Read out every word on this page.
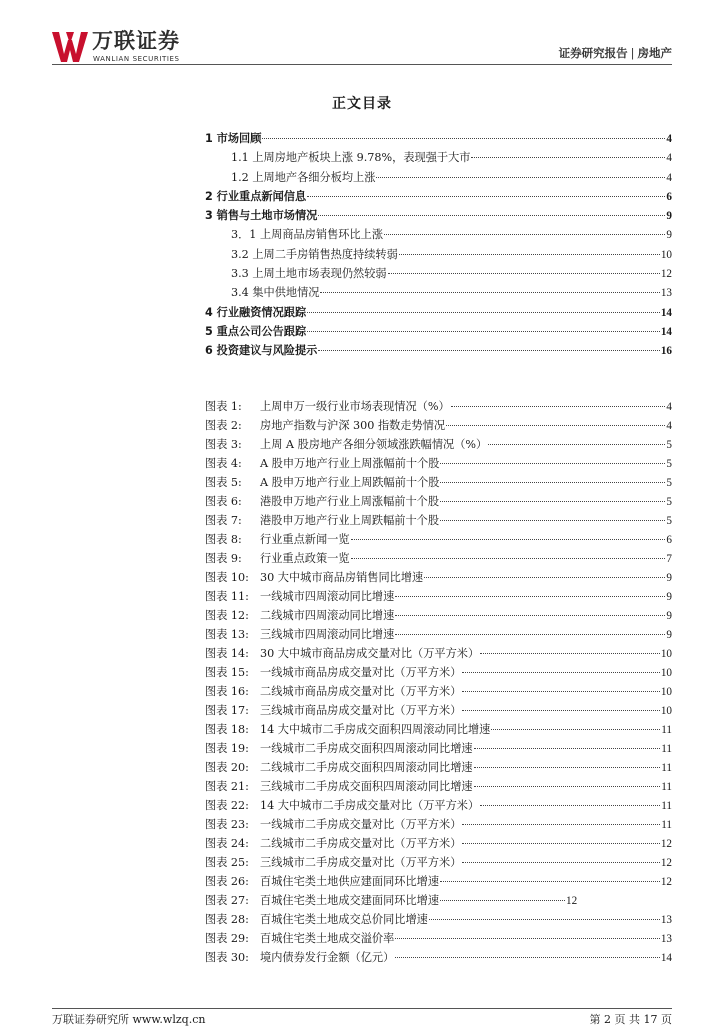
万联证券
WANLIAN SECURITIES	证券研究报告 | 房地产
正文目录
1 市场回顾	4
1.1 上周房地产板块上涨 9.78%，表现强于大市	4
1.2 上周地产各细分板均上涨	4
2 行业重点新闻信息	6
3 销售与土地市场情况	9
3．1 上周商品房销售环比上涨	9
3.2 上周二手房销售热度持续转弱	10
3.3 上周土地市场表现仍然较弱	12
3.4 集中供地情况	13
4 行业融资情况跟踪	14
5 重点公司公告跟踪	14
6 投资建议与风险提示	16
图表 1:	上周申万一级行业市场表现情况（%）	4
图表 2:	房地产指数与沪深 300 指数走势情况	4
图表 3:	上周 A 股房地产各细分领域涨跌幅情况（%）	5
图表 4:	A 股申万地产行业上周涨幅前十个股	5
图表 5:	A 股申万地产行业上周跌幅前十个股	5
图表 6:	港股申万地产行业上周涨幅前十个股	5
图表 7:	港股申万地产行业上周跌幅前十个股	5
图表 8:	行业重点新闻一览	6
图表 9:	行业重点政策一览	7
图表 10: 30 大中城市商品房销售同比增速	9
图表 11: 一线城市四周滚动同比增速	9
图表 12: 二线城市四周滚动同比增速	9
图表 13: 三线城市四周滚动同比增速	9
图表 14: 30 大中城市商品房成交量对比（万平方米）	10
图表 15: 一线城市商品房成交量对比（万平方米）	10
图表 16: 二线城市商品房成交量对比（万平方米）	10
图表 17: 三线城市商品房成交量对比（万平方米）	10
图表 18: 14 大中城市二手房成交面积四周滚动同比增速	11
图表 19: 一线城市二手房成交面积四周滚动同比增速	11
图表 20: 二线城市二手房成交面积四周滚动同比增速	11
图表 21: 三线城市二手房成交面积四周滚动同比增速	11
图表 22: 14 大中城市二手房成交量对比（万平方米）	11
图表 23: 一线城市二手房成交量对比（万平方米）	11
图表 24: 二线城市二手房成交量对比（万平方米）	12
图表 25: 三线城市二手房成交量对比（万平方米）	12
图表 26: 百城住宅类土地供应建面同环比增速	12
图表 27: 百城住宅类土地成交建面同环比增速	12
图表 28: 百城住宅类土地成交总价同比增速	13
图表 29: 百城住宅类土地成交溢价率	13
图表 30: 境内债券发行金额（亿元）	14
万联证券研究所 www.wlzq.cn	第 2 页 共 17 页
